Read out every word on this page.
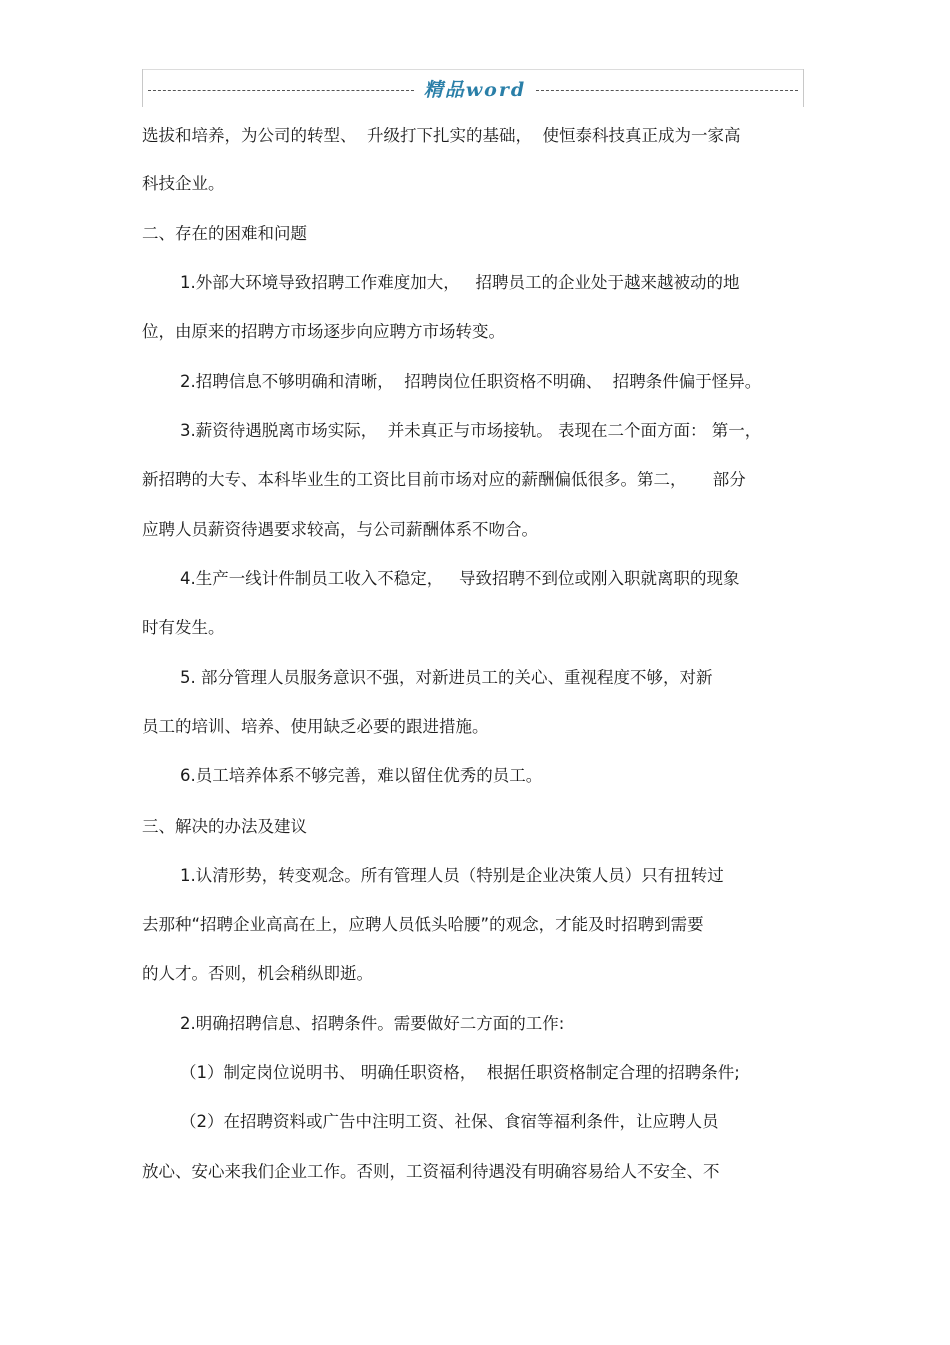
精品word
选拔和培养，为公司的转型、  升级打下扎实的基础，  使恒泰科技真正成为一家高
科技企业。
二、存在的困难和问题
1.外部大环境导致招聘工作难度加大，   招聘员工的企业处于越来越被动的地
位，由原来的招聘方市场逐步向应聘方市场转变。
2.招聘信息不够明确和清晰，  招聘岗位任职资格不明确、  招聘条件偏于怪异。
3.薪资待遇脱离市场实际，  并未真正与市场接轨。 表现在二个面方面： 第一，
新招聘的大专、本科毕业生的工资比目前市场对应的薪酬偏低很多。第二，     部分
应聘人员薪资待遇要求较高，与公司薪酬体系不吻合。
4.生产一线计件制员工收入不稳定，   导致招聘不到位或刚入职就离职的现象
时有发生。
5. 部分管理人员服务意识不强，对新进员工的关心、重视程度不够，对新
员工的培训、培养、使用缺乏必要的跟进措施。
6.员工培养体系不够完善，难以留住优秀的员工。
三、解决的办法及建议
1.认清形势，转变观念。所有管理人员（特别是企业决策人员）只有扭转过
去那种“招聘企业高高在上，应聘人员低头哈腰”的观念，才能及时招聘到需要
的人才。否则，机会稍纵即逝。
2.明确招聘信息、招聘条件。需要做好二方面的工作:
（1）制定岗位说明书、 明确任职资格，  根据任职资格制定合理的招聘条件;
（2）在招聘资料或广告中注明工资、社保、食宿等福利条件，让应聘人员
放心、安心来我们企业工作。否则，工资福利待遇没有明确容易给人不安全、不
